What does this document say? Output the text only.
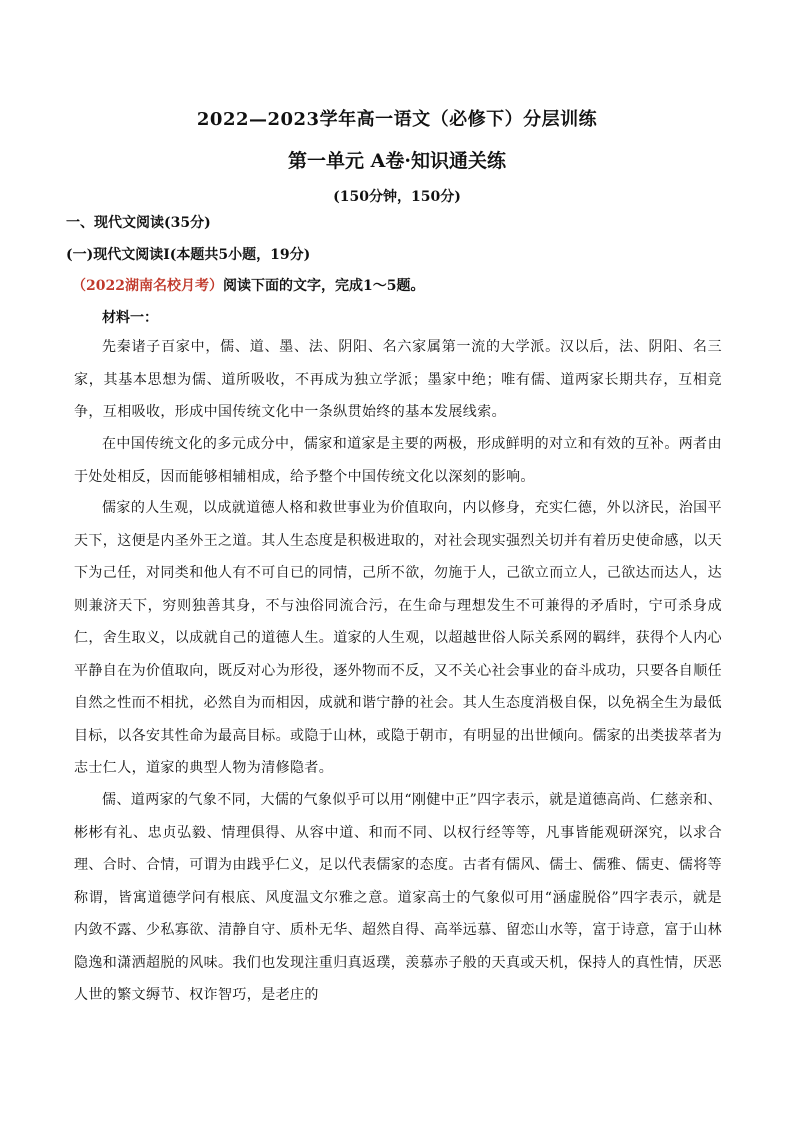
2022—2023学年高一语文（必修下）分层训练
第一单元 A卷·知识通关练
(150分钟，150分)
一、现代文阅读(35分)
(一)现代文阅读Ⅰ(本题共5小题，19分)
（2022湖南名校月考）阅读下面的文字，完成1～5题。
材料一：

先秦诸子百家中，儒、道、墨、法、阴阳、名六家属第一流的大学派。汉以后，法、阴阳、名三家，其基本思想为儒、道所吸收，不再成为独立学派；墨家中绝；唯有儒、道两家长期共存，互相竞争，互相吸收，形成中国传统文化中一条纵贯始终的基本发展线索。

在中国传统文化的多元成分中，儒家和道家是主要的两极，形成鲜明的对立和有效的互补。两者由于处处相反，因而能够相辅相成，给予整个中国传统文化以深刻的影响。

儒家的人生观，以成就道德人格和救世事业为价值取向，内以修身，充实仁德，外以济民，治国平天下，这便是内圣外王之道。其人生态度是积极进取的，对社会现实强烈关切并有着历史使命感，以天下为己任，对同类和他人有不可自已的同情，己所不欲，勿施于人，己欲立而立人，己欲达而达人，达则兼济天下，穷则独善其身，不与浊俗同流合污，在生命与理想发生不可兼得的矛盾时，宁可杀身成仁，舍生取义，以成就自己的道德人生。道家的人生观，以超越世俗人际关系网的羁绊，获得个人内心平静自在为价值取向，既反对心为形役，逐外物而不反，又不关心社会事业的奋斗成功，只要各自顺任自然之性而不相扰，必然自为而相因，成就和谐宁静的社会。其人生态度消极自保，以免祸全生为最低目标，以各安其性命为最高目标。或隐于山林，或隐于朝市，有明显的出世倾向。儒家的出类拔萃者为志士仁人，道家的典型人物为清修隐者。

儒、道两家的气象不同，大儒的气象似乎可以用“刚健中正”四字表示，就是道德高尚、仁慈亲和、彬彬有礼、忠贞弘毅、情理俱得、从容中道、和而不同、以权行经等等，凡事皆能观研深究，以求合理、合时、合情，可谓为由践乎仁义，足以代表儒家的态度。古者有儒风、儒士、儒雅、儒吏、儒将等称谓，皆寓道德学问有根底、风度温文尔雅之意。道家高士的气象似可用“涵虚脱俗”四字表示，就是内敛不露、少私寡欲、清静自守、质朴无华、超然自得、高举远慕、留恋山水等，富于诗意，富于山林隐逸和潇洒超脱的风味。我们也发现注重归真返璞，羡慕赤子般的天真或天机，保持人的真性情，厌恶人世的繁文缛节、权诈智巧，是老庄的
